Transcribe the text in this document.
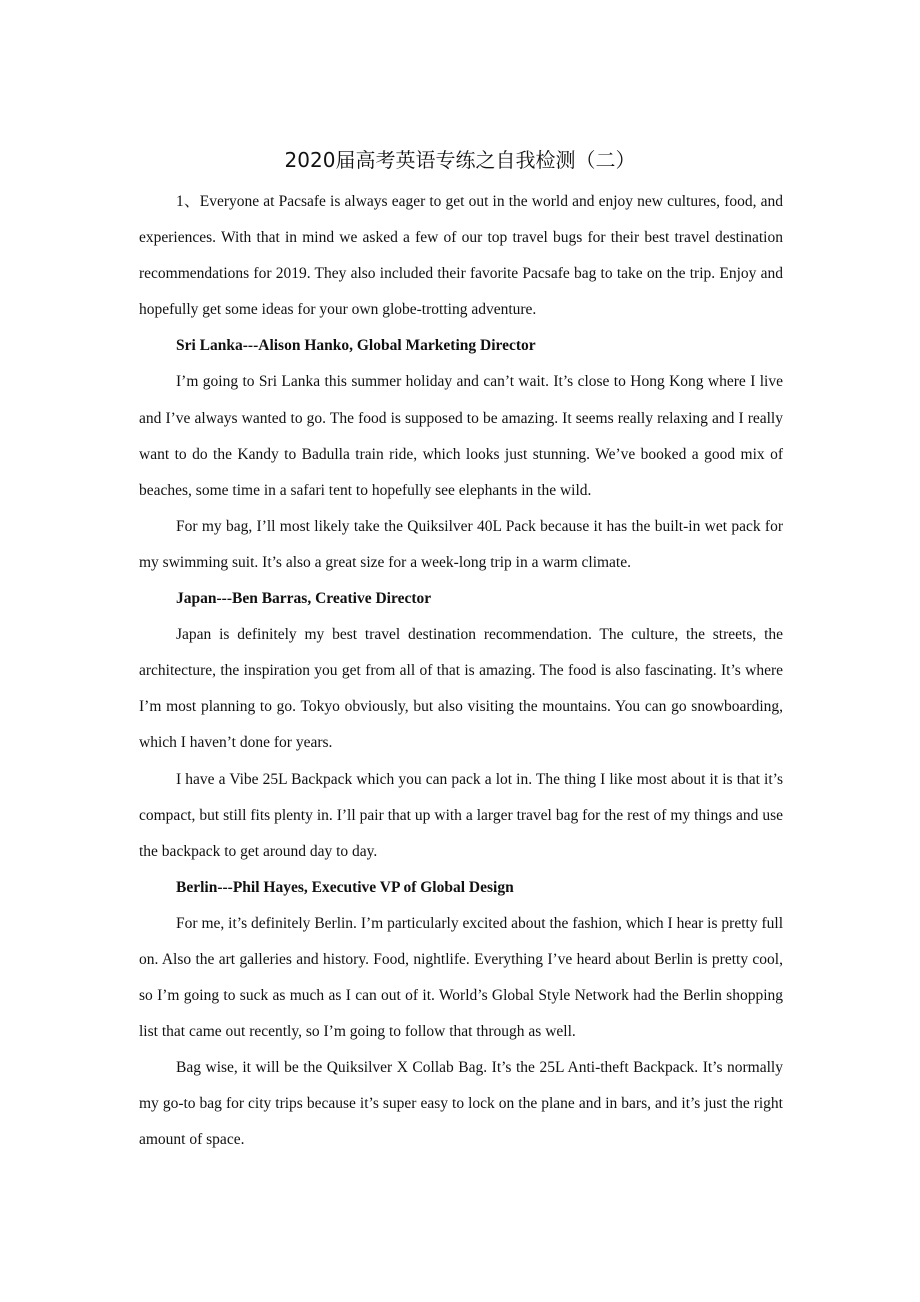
2020届高考英语专练之自我检测（二）

1、Everyone at Pacsafe is always eager to get out in the world and enjoy new cultures, food, and experiences. With that in mind we asked a few of our top travel bugs for their best travel destination recommendations for 2019. They also included their favorite Pacsafe bag to take on the trip. Enjoy and hopefully get some ideas for your own globe-trotting adventure.

Sri Lanka---Alison Hanko, Global Marketing Director

I’m going to Sri Lanka this summer holiday and can’t wait. It’s close to Hong Kong where I live and I’ve always wanted to go. The food is supposed to be amazing. It seems really relaxing and I really want to do the Kandy to Badulla train ride, which looks just stunning. We’ve booked a good mix of beaches, some time in a safari tent to hopefully see elephants in the wild.

For my bag, I’ll most likely take the Quiksilver 40L Pack because it has the built-in wet pack for my swimming suit. It’s also a great size for a week-long trip in a warm climate.

Japan---Ben Barras, Creative Director

Japan is definitely my best travel destination recommendation. The culture, the streets, the architecture, the inspiration you get from all of that is amazing. The food is also fascinating. It’s where I’m most planning to go. Tokyo obviously, but also visiting the mountains. You can go snowboarding, which I haven’t done for years.

I have a Vibe 25L Backpack which you can pack a lot in. The thing I like most about it is that it’s compact, but still fits plenty in. I’ll pair that up with a larger travel bag for the rest of my things and use the backpack to get around day to day.

Berlin---Phil Hayes, Executive VP of Global Design

For me, it’s definitely Berlin. I’m particularly excited about the fashion, which I hear is pretty full on. Also the art galleries and history. Food, nightlife. Everything I’ve heard about Berlin is pretty cool, so I’m going to suck as much as I can out of it. World’s Global Style Network had the Berlin shopping list that came out recently, so I’m going to follow that through as well.

Bag wise, it will be the Quiksilver X Collab Bag. It’s the 25L Anti-theft Backpack. It’s normally my go-to bag for city trips because it’s super easy to lock on the plane and in bars, and it’s just the right amount of space.
